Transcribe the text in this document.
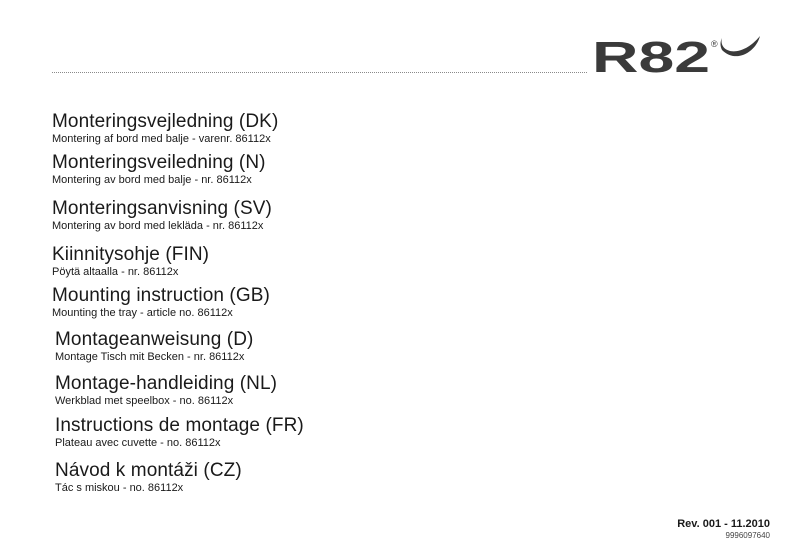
R82 ®
Monteringsvejledning (DK)

Montering af bord med balje - varenr. 86112x

Monteringsveiledning (N)

Montering av bord med balje - nr. 86112x

Monteringsanvisning (SV)

Montering av bord med lekläda - nr. 86112x

Kiinnitysohje (FIN)

Pöytä altaalla - nr. 86112x

Mounting instruction (GB)

Mounting the tray - article no. 86112x

Montageanweisung (D)

Montage Tisch mit Becken - nr. 86112x

Montage-handleiding (NL)

Werkblad met speelbox - no. 86112x

Instructions de montage (FR)

Plateau avec cuvette - no. 86112x

Návod k montáži (CZ)

Tác s miskou - no. 86112x

Rev. 001 - 11.2010
9996097640
